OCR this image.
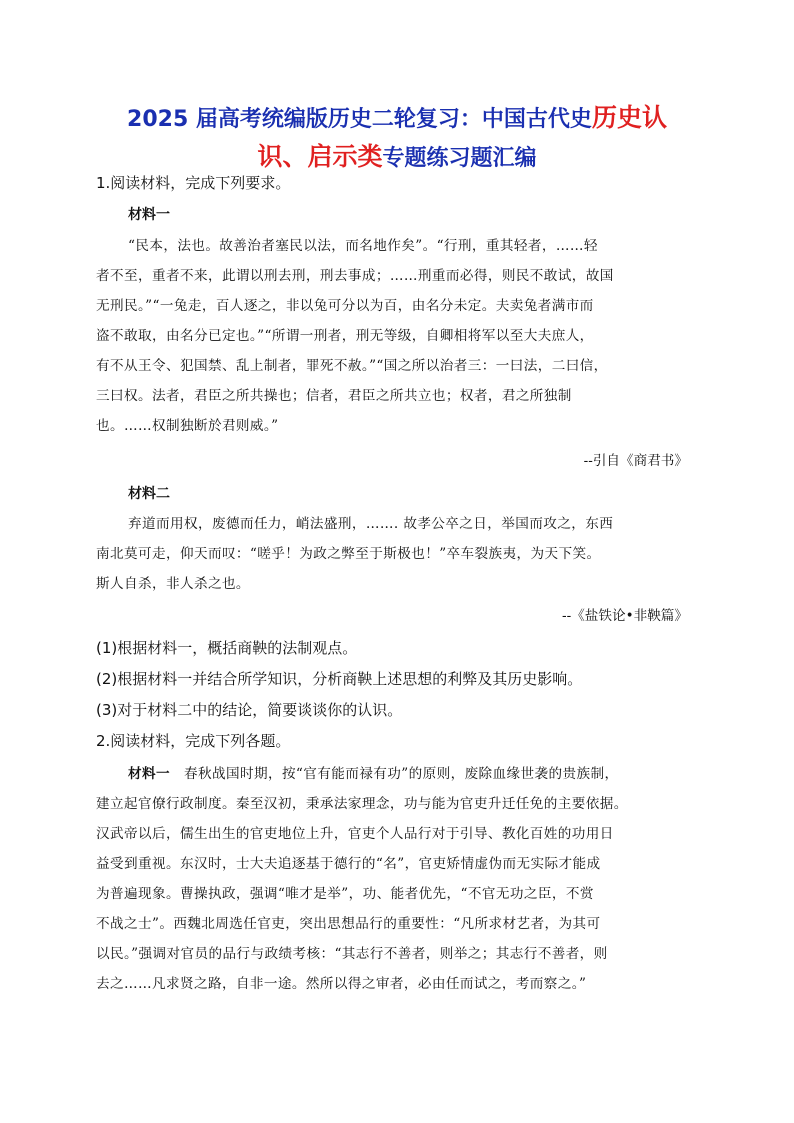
2025 届高考统编版历史二轮复习：中国古代史历史认
识、启示类专题练习题汇编
1.阅读材料，完成下列要求。
材料一
“民本，法也。故善治者塞民以法，而名地作矣”。“行刑，重其轻者，……轻
者不至，重者不来，此谓以刑去刑，刑去事成；……刑重而必得，则民不敢试，故国
无刑民。”“一兔走，百人逐之，非以兔可分以为百，由名分未定。夫卖兔者满市而
盗不敢取，由名分已定也。”“所谓一刑者，刑无等级，自卿相将军以至大夫庶人，
有不从王令、犯国禁、乱上制者，罪死不赦。”“国之所以治者三：一曰法，二曰信，
三曰权。法者，君臣之所共操也；信者，君臣之所共立也；权者，君之所独制
也。……权制独断於君则威。”
--引自《商君书》
材料二
弃道而用权，废德而任力，峭法盛刑，……. 故孝公卒之日，举国而攻之，东西
南北莫可走，仰天而叹：“嗟乎！为政之弊至于斯极也！”卒车裂族夷，为天下笑。
斯人自杀，非人杀之也。
--《盐铁论•非鞅篇》
(1)根据材料一，概括商鞅的法制观点。
(2)根据材料一并结合所学知识，分析商鞅上述思想的利弊及其历史影响。
(3)对于材料二中的结论，简要谈谈你的认识。
2.阅读材料，完成下列各题。
材料一　 春秋战国时期，按“官有能而禄有功”的原则，废除血缘世袭的贵族制，
建立起官僚行政制度。秦至汉初，秉承法家理念，功与能为官吏升迁任免的主要依据。
汉武帝以后，儒生出生的官吏地位上升，官吏个人品行对于引导、教化百姓的功用日
益受到重视。东汉时，士大夫追逐基于德行的“名”，官吏矫情虚伪而无实际才能成
为普遍现象。曹操执政，强调“唯才是举”，功、能者优先，“不官无功之臣，不赏
不战之士”。西魏北周选任官吏，突出思想品行的重要性：“凡所求材艺者，为其可
以民。”强调对官员的品行与政绩考核：“其志行不善者，则举之；其志行不善者，则
去之……凡求贤之路，自非一途。然所以得之审者，必由任而试之，考而察之。”
